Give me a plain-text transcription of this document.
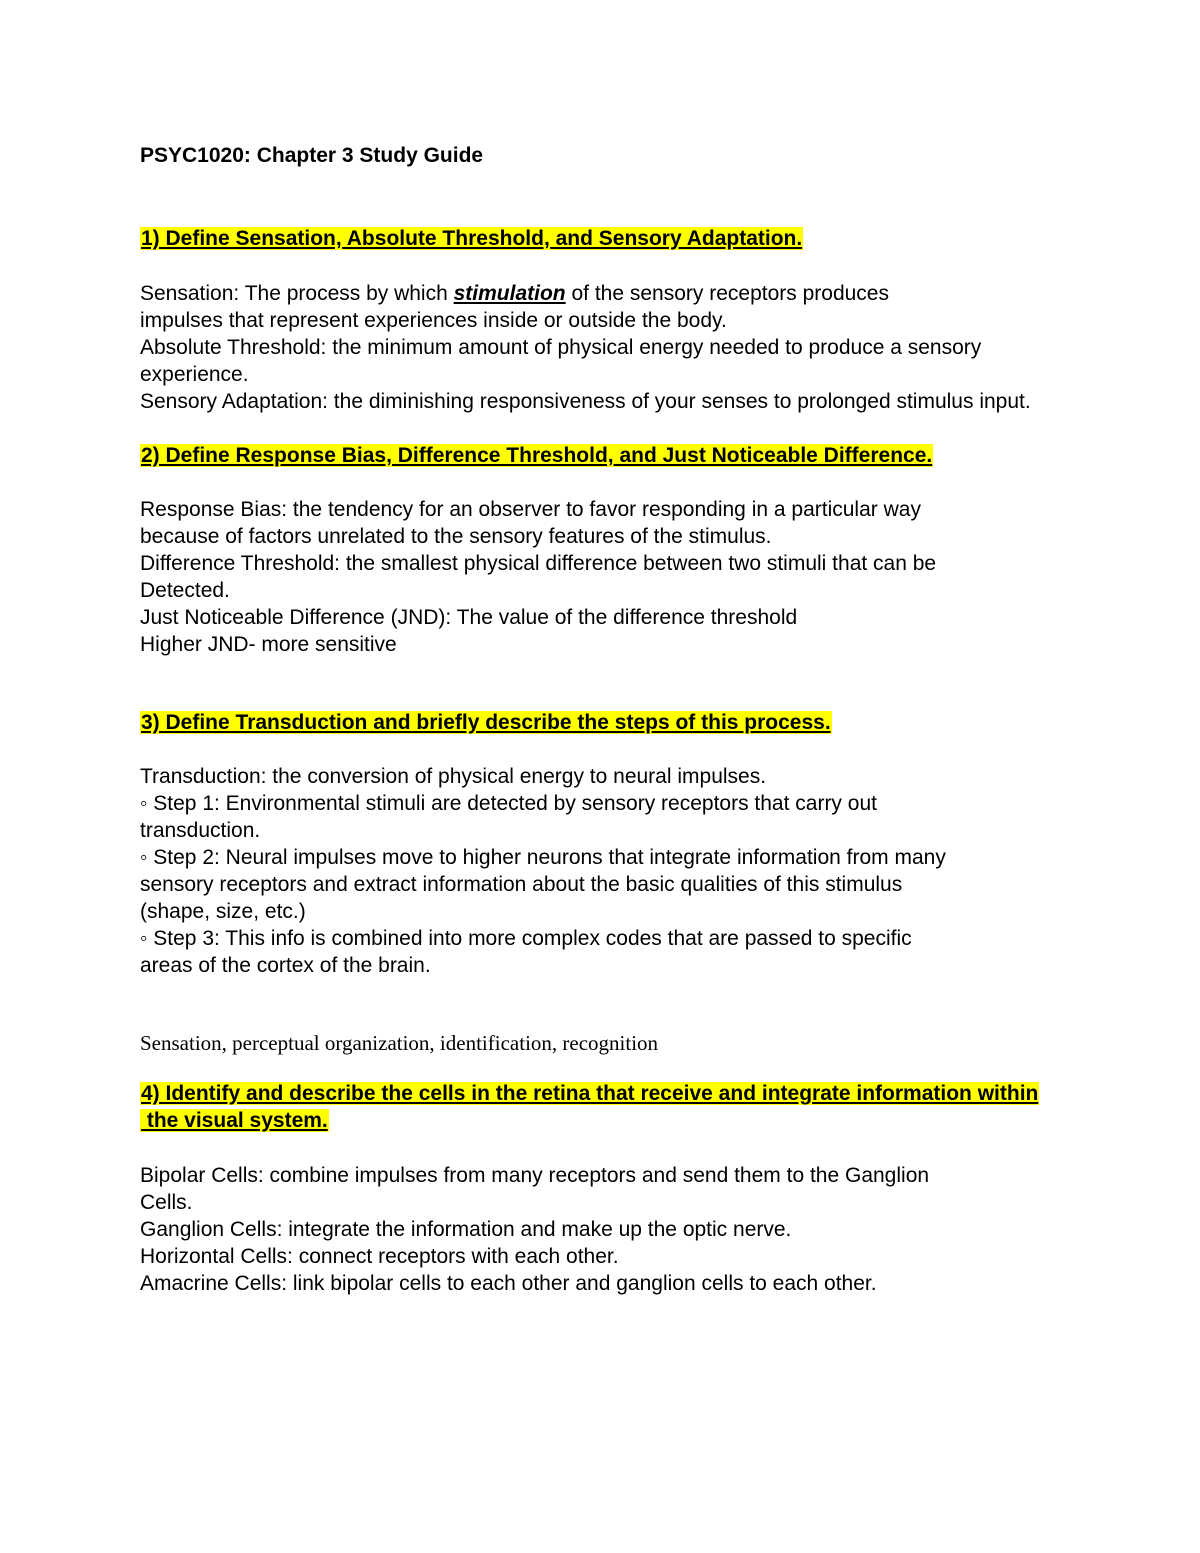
PSYC1020: Chapter 3 Study Guide
1) Define Sensation, Absolute Threshold, and Sensory Adaptation.
Sensation: The process by which stimulation of the sensory receptors produces
impulses that represent experiences inside or outside the body.
Absolute Threshold: the minimum amount of physical energy needed to produce a sensory
experience.
Sensory Adaptation: the diminishing responsiveness of your senses to prolonged stimulus input.
2) Define Response Bias, Difference Threshold, and Just Noticeable Difference.
Response Bias: the tendency for an observer to favor responding in a particular way
because of factors unrelated to the sensory features of the stimulus.
Difference Threshold: the smallest physical difference between two stimuli that can be
Detected.
Just Noticeable Difference (JND): The value of the difference threshold
Higher JND- more sensitive
3) Define Transduction and briefly describe the steps of this process.
Transduction: the conversion of physical energy to neural impulses.
◦ Step 1: Environmental stimuli are detected by sensory receptors that carry out
transduction.
◦ Step 2: Neural impulses move to higher neurons that integrate information from many
sensory receptors and extract information about the basic qualities of this stimulus
(shape, size, etc.)
◦ Step 3: This info is combined into more complex codes that are passed to specific
areas of the cortex of the brain.
Sensation, perceptual organization, identification, recognition
4) Identify and describe the cells in the retina that receive and integrate information within
the visual system.
Bipolar Cells: combine impulses from many receptors and send them to the Ganglion
Cells.
Ganglion Cells: integrate the information and make up the optic nerve.
Horizontal Cells: connect receptors with each other.
Amacrine Cells: link bipolar cells to each other and ganglion cells to each other.
